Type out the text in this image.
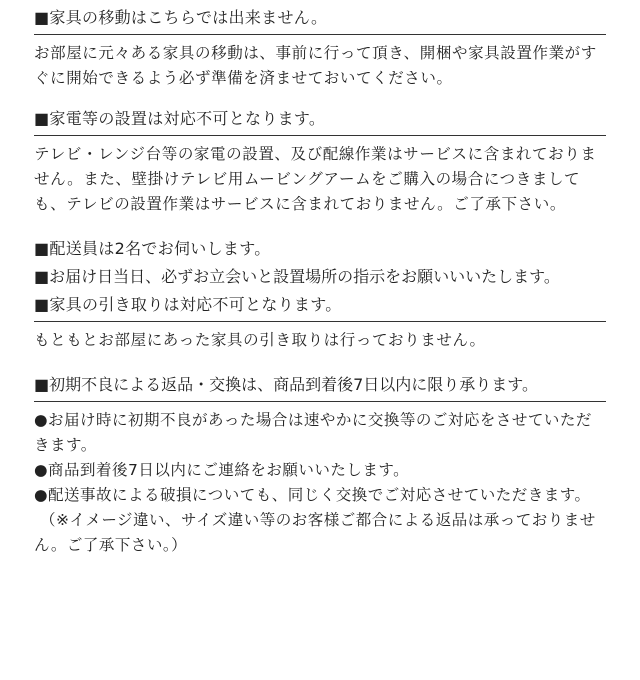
■家具の移動はこちらでは出来ません。
お部屋に元々ある家具の移動は、事前に行って頂き、開梱や家具設置作業がすぐに開始できるよう必ず準備を済ませておいてください。
■家電等の設置は対応不可となります。
テレビ・レンジ台等の家電の設置、及び配線作業はサービスに含まれておりません。また、壁掛けテレビ用ムービングアームをご購入の場合につきましても、テレビの設置作業はサービスに含まれておりません。ご了承下さい。
■配送員は2名でお伺いします。
■お届け日当日、必ずお立会いと設置場所の指示をお願いいいたします。
■家具の引き取りは対応不可となります。
もともとお部屋にあった家具の引き取りは行っておりません。
■初期不良による返品・交換は、商品到着後7日以内に限り承ります。
●お届け時に初期不良があった場合は速やかに交換等のご対応をさせていただきます。
●商品到着後7日以内にご連絡をお願いいたします。
●配送事故による破損についても、同じく交換でご対応させていただきます。
（※イメージ違い、サイズ違い等のお客様ご都合による返品は承っておりません。ご了承下さい。）
